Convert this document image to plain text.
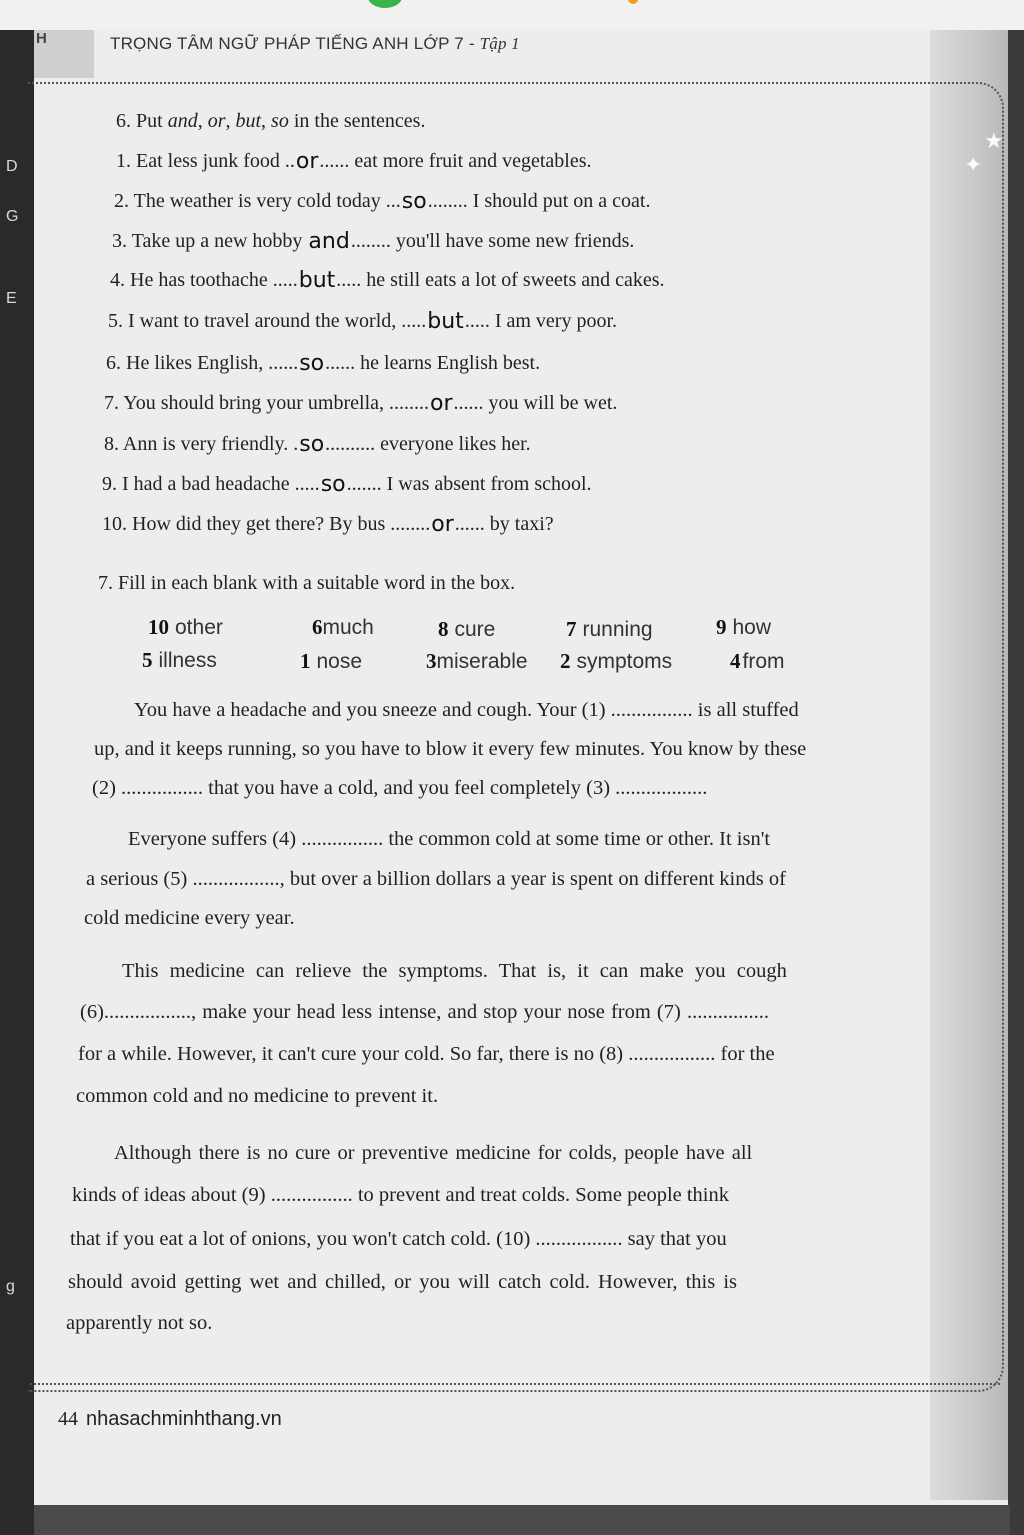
D
G
E
g
★
✦
H	TRỌNG TÂM NGỮ PHÁP TIẾNG ANH LỚP 7 - Tập 1
6. Put and, or, but, so in the sentences.
1. Eat less junk food ..or...... eat more fruit and vegetables.
2. The weather is very cold today ...so........ I should put on a coat.
3. Take up a new hobby and........ you'll have some new friends.
4. He has toothache .....but..... he still eats a lot of sweets and cakes.
5. I want to travel around the world, .....but..... I am very poor.
6. He likes English, ......so...... he learns English best.
7. You should bring your umbrella, ........or...... you will be wet.
8. Ann is very friendly. .so.......... everyone likes her.
9. I had a bad headache .....so....... I was absent from school.
10. How did they get there? By bus ........or...... by taxi?
7. Fill in each blank with a suitable word in the box.
10 other	6much	8 cure	7 running	9 how
5 illness	1 nose	3miserable 2 symptoms	4from
You have a headache and you sneeze and cough. Your (1) ................ is all stuffed
up, and it keeps running, so you have to blow it every few minutes. You know by these
(2) ................ that you have a cold, and you feel completely (3) ..................
Everyone suffers (4) ................ the common cold at some time or other. It isn't
a serious (5) ................., but over a billion dollars a year is spent on different kinds of
cold medicine every year.
This medicine can relieve the symptoms. That is, it can make you cough
(6)................., make your head less intense, and stop your nose from (7) ................
for a while. However, it can't cure your cold. So far, there is no (8) ................. for the
common cold and no medicine to prevent it.
Although there is no cure or preventive medicine for colds, people have all
kinds of ideas about (9) ................ to prevent and treat colds. Some people think
that if you eat a lot of onions, you won't catch cold. (10) ................. say that you
should avoid getting wet and chilled, or you will catch cold. However, this is
apparently not so.
44 nhasachminhthang.vn
